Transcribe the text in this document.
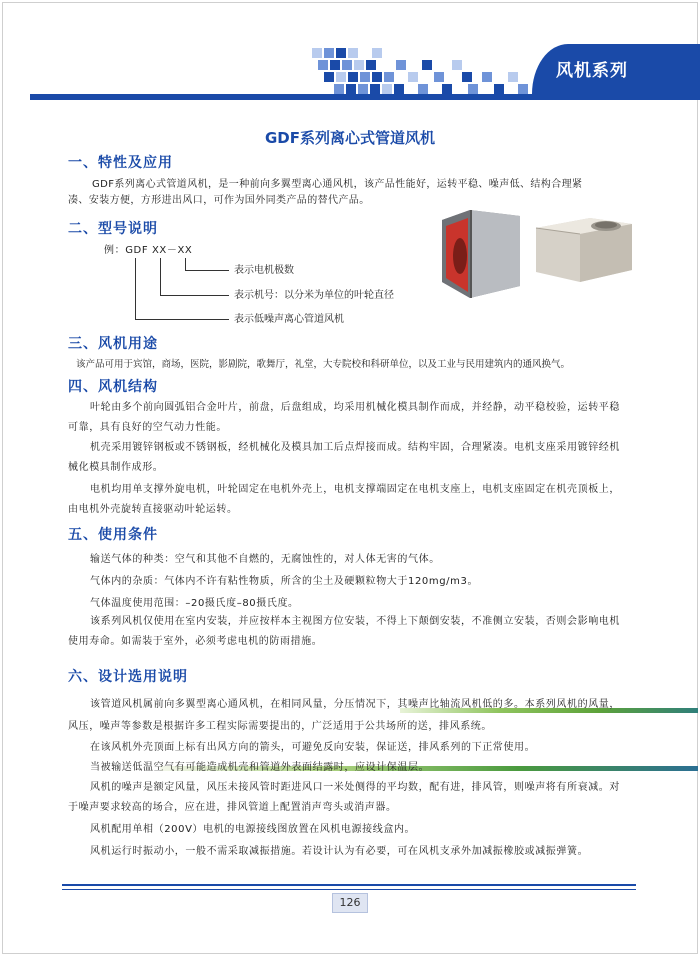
风机系列
GDF系列离心式管道风机
一、特性及应用
GDF系列离心式管道风机，是一种前向多翼型离心通风机，该产品性能好，运转平稳、噪声低、结构合理紧
凑、安装方便，方形进出风口，可作为国外同类产品的替代产品。
二、型号说明
例：GDF XX－XX
表示电机极数
表示机号：以分米为单位的叶轮直径
表示低噪声离心管道风机
三、风机用途
该产品可用于宾馆，商场，医院，影剧院，歌舞厅，礼堂，大专院校和科研单位，以及工业与民用建筑内的通风换气。
四、风机结构
叶轮由多个前向圆弧铝合金叶片，前盘，后盘组成，均采用机械化模具制作而成，并经静，动平稳校验，运转平稳可靠，具有良好的空气动力性能。
机壳采用镀锌钢板或不锈钢板，经机械化及模具加工后点焊接而成。结构牢固，合理紧凑。电机支座采用镀锌经机械化模具制作成形。
电机均用单支撑外旋电机，叶轮固定在电机外壳上，电机支撑端固定在电机支座上，电机支座固定在机壳顶板上，由电机外壳旋转直接驱动叶轮运转。
五、使用条件
输送气体的种类：空气和其他不自燃的，无腐蚀性的，对人体无害的气体。
气体内的杂质：气体内不许有粘性物质，所含的尘土及硬颗粒物大于120mg/m3。
气体温度使用范围：–20摄氏度–80摄氏度。
该系列风机仅使用在室内安装，并应按样本主视图方位安装，不得上下颠倒安装，不准侧立安装，否则会影响电机使用寿命。如需装于室外，必须考虑电机的防雨措施。
六、设计选用说明
该管道风机属前向多翼型离心通风机，在相同风量，分压情况下，其噪声比轴流风机低的多。本系列风机的风量，风压，噪声等参数是根据许多工程实际需要提出的，广泛适用于公共场所的送，排风系统。
在该风机外壳顶面上标有出风方向的箭头，可避免反向安装，保证送，排风系列的下正常使用。
当被输送低温空气有可能造成机壳和管道外表面结露时，应设计保温层。
风机的噪声是额定风量，风压未接风管时距进风口一米处侧得的平均数，配有进，排风管，则噪声将有所衰减。对于噪声要求较高的场合，应在进，排风管道上配置消声弯头或消声器。
风机配用单相（200V）电机的电源接线图放置在风机电源接线盒内。
风机运行时振动小，一般不需采取减振措施。若设计认为有必要，可在风机支承外加减振橡胶或减振弹簧。
126
